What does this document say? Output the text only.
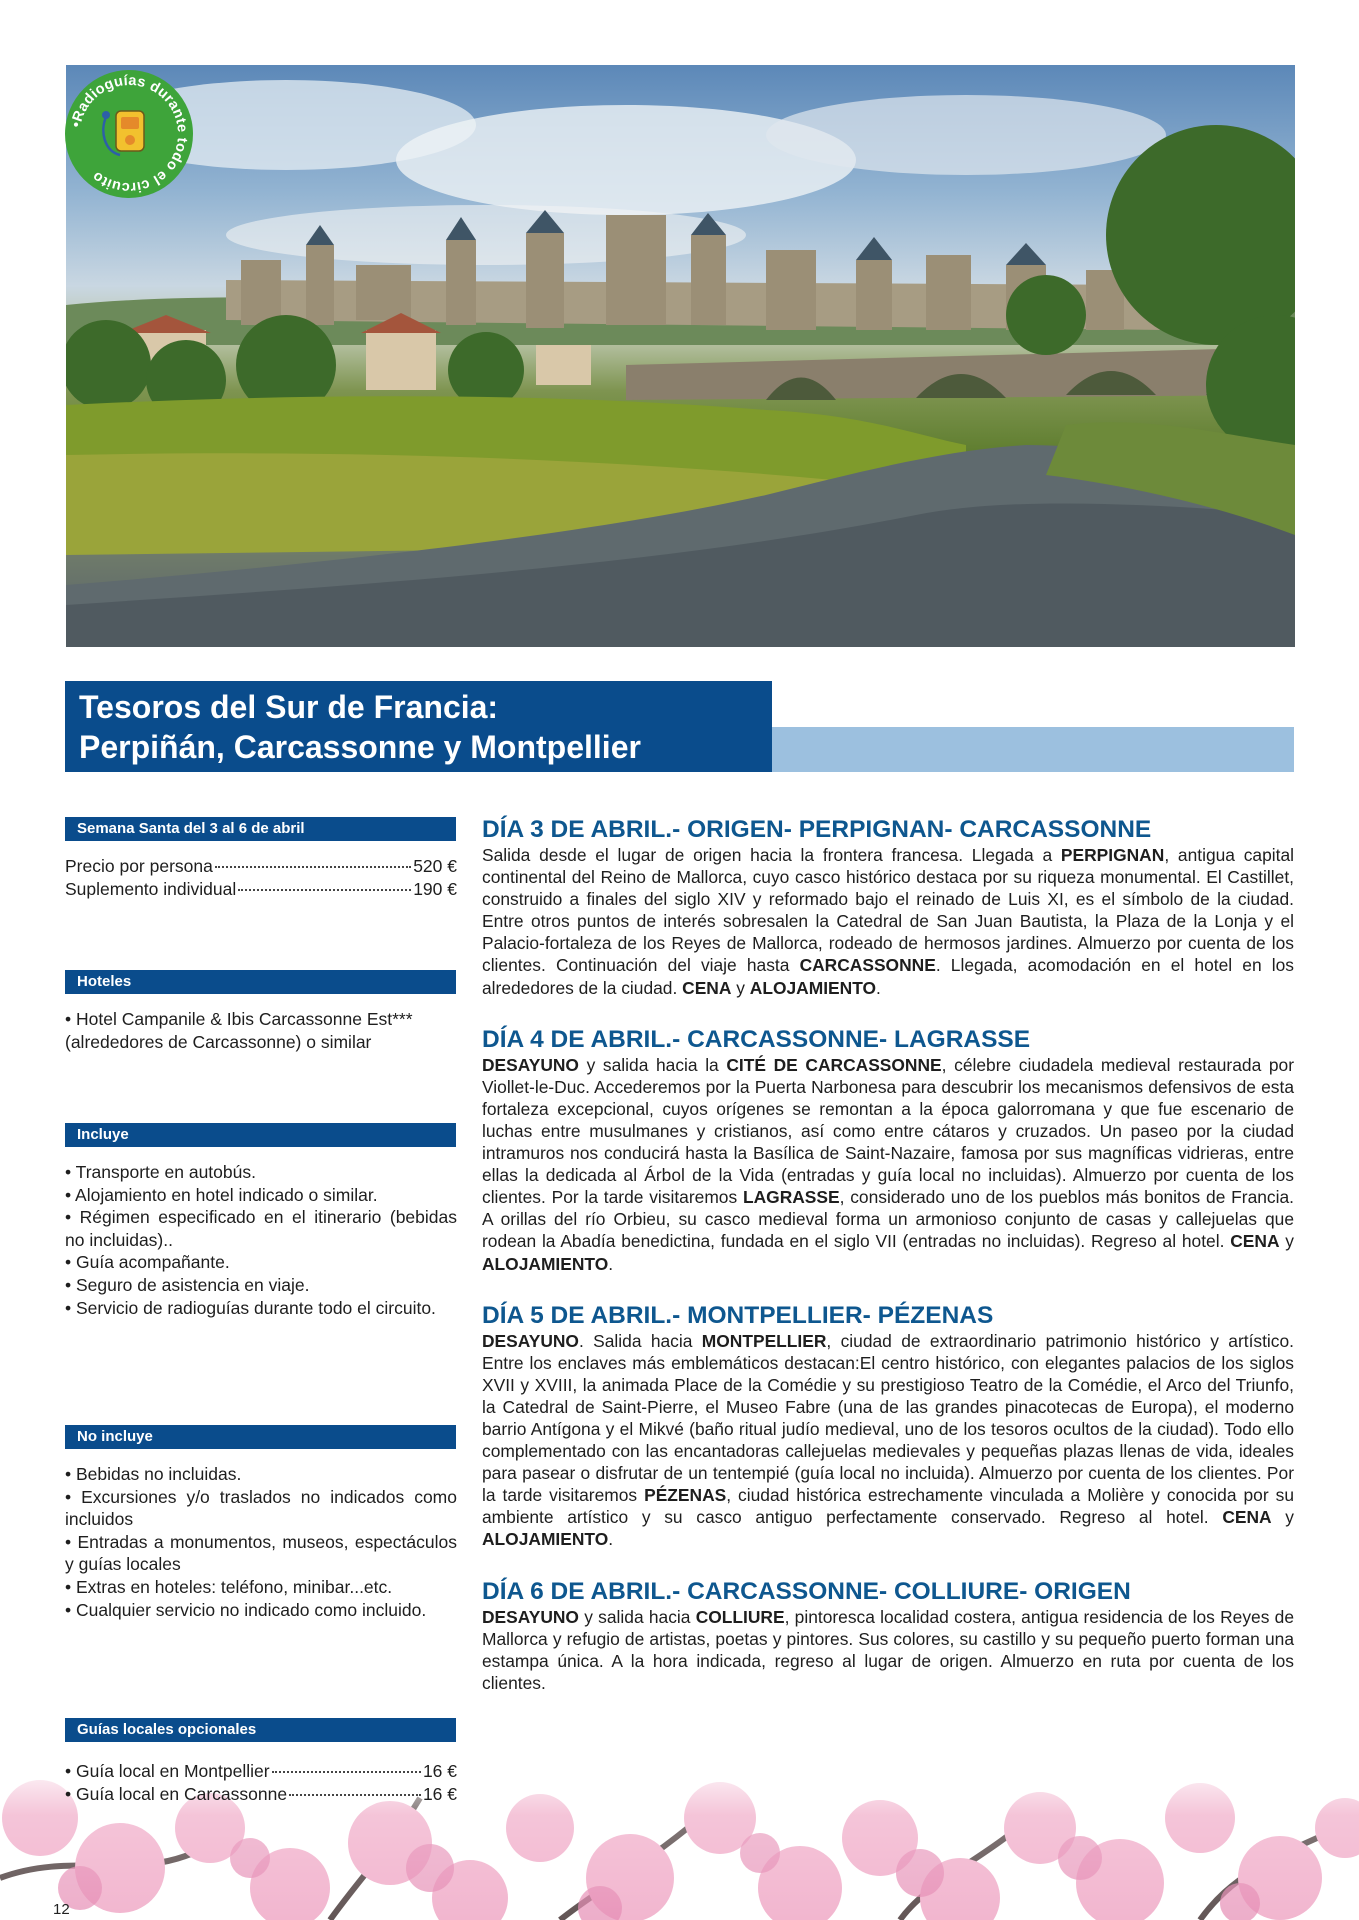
•Radioguías durante todo el circuito
Tesoros del Sur de Francia:
Perpiñán, Carcassonne y Montpellier
Semana Santa del 3 al 6 de abril
Precio por persona	520 €
Suplemento individual	190 €
Hoteles
• Hotel Campanile & Ibis Carcassonne Est*** (alrededores de Carcassonne) o similar
Incluye
• Transporte en autobús.
• Alojamiento en hotel indicado o similar.
• Régimen especificado en el itinerario (bebidas no incluidas)..
• Guía acompañante.
• Seguro de asistencia en viaje.
• Servicio de radioguías durante todo el circuito.
No incluye
• Bebidas no incluidas.
• Excursiones y/o traslados no indicados como incluidos
• Entradas a monumentos, museos, espectáculos y guías locales
• Extras en hoteles: teléfono, minibar...etc.
• Cualquier servicio no indicado como incluido.
Guías locales opcionales
• Guía local en Montpellier	16 €
• Guía local en Carcassonne	16 €
DÍA 3 DE ABRIL.- ORIGEN- PERPIGNAN- CARCASSONNE

Salida desde el lugar de origen hacia la frontera francesa. Llegada a PERPIGNAN, antigua capital continental del Reino de Mallorca, cuyo casco histórico destaca por su riqueza monumental. El Castillet, construido a finales del siglo XIV y reformado bajo el reinado de Luis XI, es el símbolo de la ciudad. Entre otros puntos de interés sobresalen la Catedral de San Juan Bautista, la Plaza de la Lonja y el Palacio-fortaleza de los Reyes de Mallorca, rodeado de hermosos jardines. Almuerzo por cuenta de los clientes. Continuación del viaje hasta CARCASSONNE. Llegada, acomodación en el hotel en los alrededores de la ciudad. CENA y ALOJAMIENTO.

DÍA 4 DE ABRIL.- CARCASSONNE- LAGRASSE

DESAYUNO y salida hacia la CITÉ DE CARCASSONNE, célebre ciudadela medieval restaurada por Viollet-le-Duc. Accederemos por la Puerta Narbonesa para descubrir los mecanismos defensivos de esta fortaleza excepcional, cuyos orígenes se remontan a la época galorromana y que fue escenario de luchas entre musulmanes y cristianos, así como entre cátaros y cruzados. Un paseo por la ciudad intramuros nos conducirá hasta la Basílica de Saint-Nazaire, famosa por sus magníficas vidrieras, entre ellas la dedicada al Árbol de la Vida (entradas y guía local no incluidas). Almuerzo por cuenta de los clientes. Por la tarde visitaremos LAGRASSE, considerado uno de los pueblos más bonitos de Francia. A orillas del río Orbieu, su casco medieval forma un armonioso conjunto de casas y callejuelas que rodean la Abadía benedictina, fundada en el siglo VII (entradas no incluidas). Regreso al hotel. CENA y ALOJAMIENTO.

DÍA 5 DE ABRIL.- MONTPELLIER- PÉZENAS

DESAYUNO. Salida hacia MONTPELLIER, ciudad de extraordinario patrimonio histórico y artístico. Entre los enclaves más emblemáticos destacan:El centro histórico, con elegantes palacios de los siglos XVII y XVIII, la animada Place de la Comédie y su prestigioso Teatro de la Comédie, el Arco del Triunfo, la Catedral de Saint-Pierre, el Museo Fabre (una de las grandes pinacotecas de Europa), el moderno barrio Antígona y el Mikvé (baño ritual judío medieval, uno de los tesoros ocultos de la ciudad). Todo ello complementado con las encantadoras callejuelas medievales y pequeñas plazas llenas de vida, ideales para pasear o disfrutar de un tentempié (guía local no incluida). Almuerzo por cuenta de los clientes. Por la tarde visitaremos PÉZENAS, ciudad histórica estrechamente vinculada a Molière y conocida por su ambiente artístico y su casco antiguo perfectamente conservado. Regreso al hotel. CENA y ALOJAMIENTO.

DÍA 6 DE ABRIL.- CARCASSONNE- COLLIURE- ORIGEN

DESAYUNO y salida hacia COLLIURE, pintoresca localidad costera, antigua residencia de los Reyes de Mallorca y refugio de artistas, poetas y pintores. Sus colores, su castillo y su pequeño puerto forman una estampa única. A la hora indicada, regreso al lugar de origen. Almuerzo en ruta por cuenta de los clientes.

12
